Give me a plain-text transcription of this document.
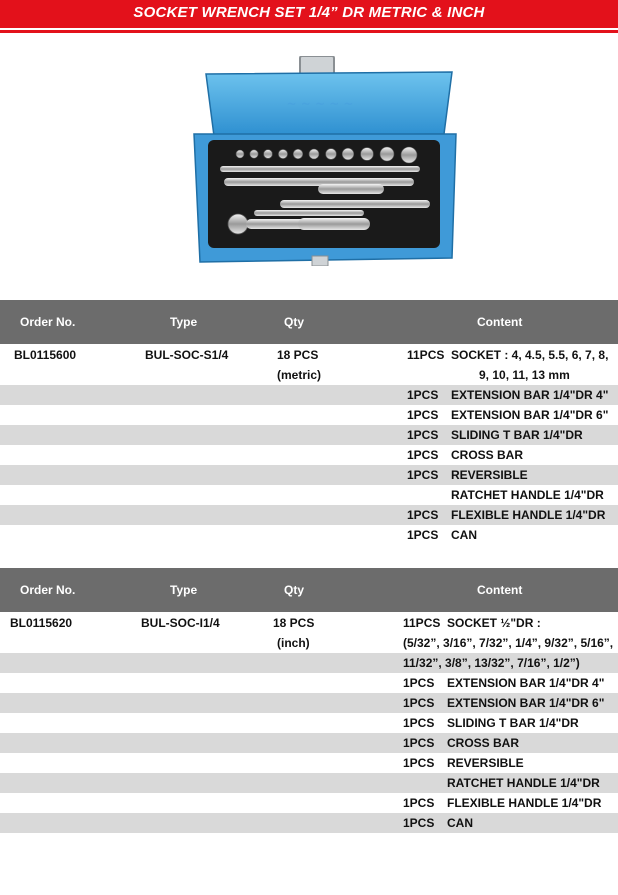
SOCKET WRENCH SET 1/4” DR METRIC & INCH
~ ~ ~ ~ ~
Order No.	Type	Qty	Content
BL0115600	BUL-SOC-S1/4	18 PCS	11PCS SOCKET : 4, 4.5, 5.5, 6, 7, 8,
(metric)	9, 10, 11, 13 mm
1PCS EXTENSION BAR 1/4"DR 4"
1PCS EXTENSION BAR 1/4"DR 6"
1PCS SLIDING T BAR 1/4"DR
1PCS CROSS BAR
1PCS REVERSIBLE
RATCHET HANDLE 1/4"DR
1PCS FLEXIBLE HANDLE 1/4"DR
1PCS CAN
Order No.	Type	Qty	Content
BL0115620	BUL-SOC-I1/4	18 PCS	11PCS SOCKET ½"DR :
(inch)	(5/32”, 3/16”, 7/32”, 1/4”, 9/32”, 5/16”,
11/32”, 3/8”, 13/32”, 7/16”, 1/2”)
1PCS EXTENSION BAR 1/4"DR 4"
1PCS EXTENSION BAR 1/4"DR 6"
1PCS SLIDING T BAR 1/4"DR
1PCS CROSS BAR
1PCS REVERSIBLE
RATCHET HANDLE 1/4"DR
1PCS FLEXIBLE HANDLE 1/4"DR
1PCS CAN
